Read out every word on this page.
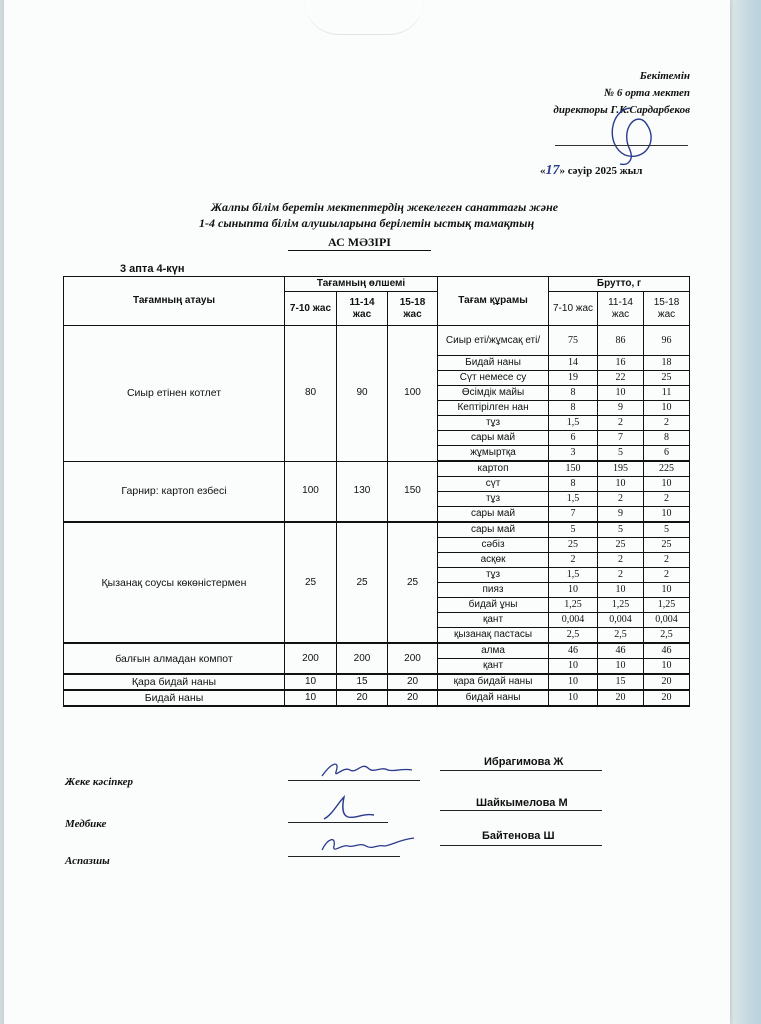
Бекітемін
№ 6 орта мектеп
директоры Г.К.Сардарбеков
«17» сәуір 2025 жыл
Жалпы білім беретін мектептердің жекелеген санаттағы және
1-4 сыныпта білім алушыларына берілетін ыстық тамақтың
АС МӘЗІРІ
3 апта 4-күн
Тағамның атауы	Тағамның өлшемі			Тағам құрамы	Брутто, г		
	7-10 жас	11-14 жас	15-18 жас		7-10 жас	11-14 жас	15-18 жас
Сиыр етінен котлет	80	90	100	Сиыр еті/жұмсақ еті/	75	86	96
				Бидай наны	14	16	18
				Сүт немесе су	19	22	25
				Өсімдік майы	8	10	11
				Кептірілген нан	8	9	10
				тұз	1,5	2	2
				сары май	6	7	8
				жұмыртқа	3	5	6
Гарнир: картоп езбесі	100	130	150	картоп	150	195	225
				сүт	8	10	10
				тұз	1,5	2	2
				сары май	7	9	10
Қызанақ соусы көкөністермен	25	25	25	сары май	5	5	5
				сәбіз	25	25	25
				асқөк	2	2	2
				тұз	1,5	2	2
				пияз	10	10	10
				бидай ұны	1,25	1,25	1,25
				қант	0,004	0,004	0,004
				қызанақ пастасы	2,5	2,5	2,5
балғын алмадан компот	200	200	200	алма	46	46	46
				қант	10	10	10
Қара бидай наны	10	15	20	қара бидай наны	10	15	20
Бидай наны	10	20	20	бидай наны	10	20	20
Жеке кәсіпкер
Ибрагимова Ж
Медбике
Шайкымелова М
Аспазшы
Байтенова Ш
